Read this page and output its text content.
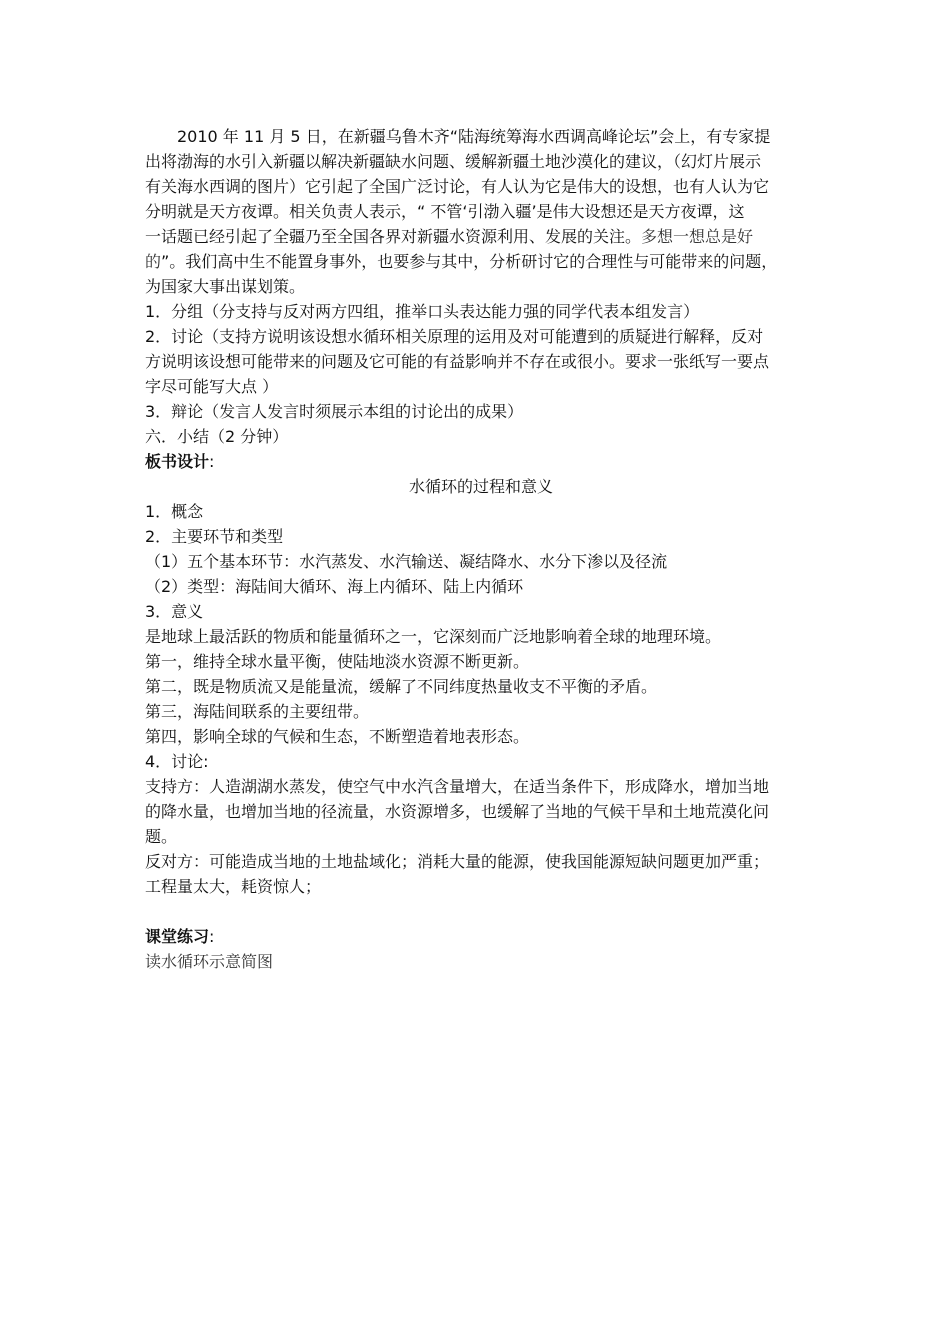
2010 年 11 月 5 日，在新疆乌鲁木齐“陆海统筹海水西调高峰论坛”会上，有专家提
出将渤海的水引入新疆以解决新疆缺水问题、缓解新疆土地沙漠化的建议，（幻灯片展示
有关海水西调的图片）它引起了全国广泛讨论，有人认为它是伟大的设想，也有人认为它
分明就是天方夜谭。相关负责人表示，“ 不管‘引渤入疆’是伟大设想还是天方夜谭，这
一话题已经引起了全疆乃至全国各界对新疆水资源利用、发展的关注。多想一想总是好
的”。我们高中生不能置身事外，也要参与其中，分析研讨它的合理性与可能带来的问题，
为国家大事出谋划策。
1．分组（分支持与反对两方四组，推举口头表达能力强的同学代表本组发言）
2．讨论（支持方说明该设想水循环相关原理的运用及对可能遭到的质疑进行解释，反对
方说明该设想可能带来的问题及它可能的有益影响并不存在或很小。要求一张纸写一要点
字尽可能写大点 ）
3．辩论（发言人发言时须展示本组的讨论出的成果）
六．小结（2 分钟）
板书设计:
水循环的过程和意义
1．概念
2．主要环节和类型
（1）五个基本环节：水汽蒸发、水汽输送、凝结降水、水分下渗以及径流
（2）类型：海陆间大循环、海上内循环、陆上内循环
3．意义
是地球上最活跃的物质和能量循环之一，它深刻而广泛地影响着全球的地理环境。
第一，维持全球水量平衡，使陆地淡水资源不断更新。
第二，既是物质流又是能量流，缓解了不同纬度热量收支不平衡的矛盾。
第三，海陆间联系的主要纽带。
第四，影响全球的气候和生态，不断塑造着地表形态。
4．讨论:
支持方：人造湖湖水蒸发，使空气中水汽含量增大，在适当条件下，形成降水，增加当地
的降水量，也增加当地的径流量，水资源增多，也缓解了当地的气候干旱和土地荒漠化问
题。
反对方：可能造成当地的土地盐域化；消耗大量的能源，使我国能源短缺问题更加严重；
工程量太大，耗资惊人；
课堂练习:
读水循环示意简图
